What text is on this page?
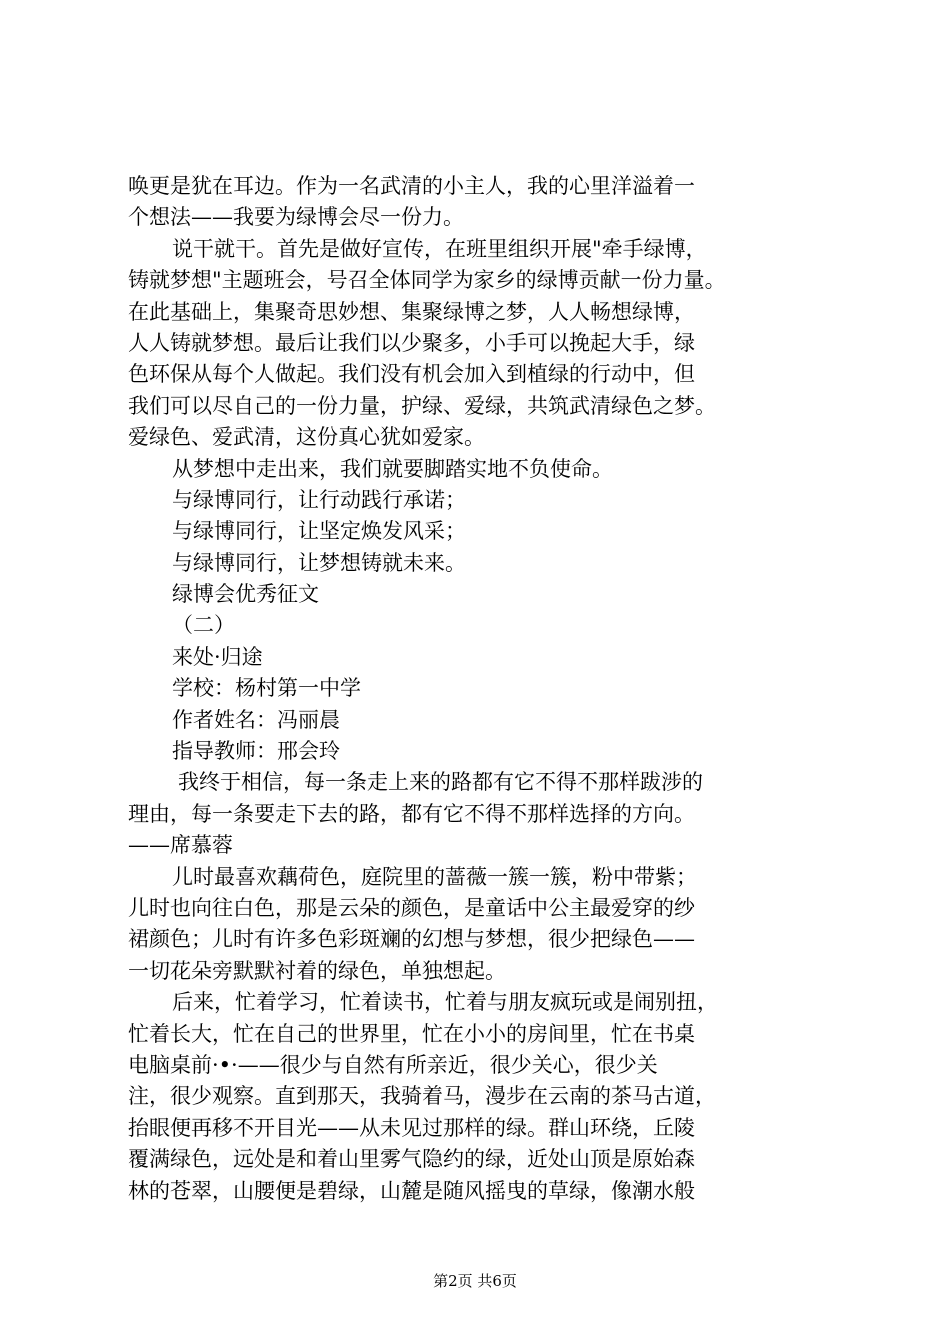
唤更是犹在耳边。作为一名武清的小主人，我的心里洋溢着一
个想法——我要为绿博会尽一份力。
说干就干。首先是做好宣传，在班里组织开展"牵手绿博，
铸就梦想"主题班会，号召全体同学为家乡的绿博贡献一份力量。
在此基础上，集聚奇思妙想、集聚绿博之梦，人人畅想绿博，
人人铸就梦想。最后让我们以少聚多，小手可以挽起大手，绿
色环保从每个人做起。我们没有机会加入到植绿的行动中，但
我们可以尽自己的一份力量，护绿、爱绿，共筑武清绿色之梦。
爱绿色、爱武清，这份真心犹如爱家。
从梦想中走出来，我们就要脚踏实地不负使命。
与绿博同行，让行动践行承诺；
与绿博同行，让坚定焕发风采；
与绿博同行，让梦想铸就未来。
绿博会优秀征文
（二）
来处·归途
学校：杨村第一中学
作者姓名：冯丽晨
指导教师：邢会玲
我终于相信，每一条走上来的路都有它不得不那样跋涉的
理由，每一条要走下去的路，都有它不得不那样选择的方向。
——席慕蓉
儿时最喜欢藕荷色，庭院里的蔷薇一簇一簇，粉中带紫；
儿时也向往白色，那是云朵的颜色，是童话中公主最爱穿的纱
裙颜色；儿时有许多色彩斑斓的幻想与梦想，很少把绿色——
一切花朵旁默默衬着的绿色，单独想起。
后来，忙着学习，忙着读书，忙着与朋友疯玩或是闹别扭，
忙着长大，忙在自己的世界里，忙在小小的房间里，忙在书桌
电脑桌前·•·——很少与自然有所亲近，很少关心，很少关
注，很少观察。直到那天，我骑着马，漫步在云南的茶马古道，
抬眼便再移不开目光——从未见过那样的绿。群山环绕，丘陵
覆满绿色，远处是和着山里雾气隐约的绿，近处山顶是原始森
林的苍翠，山腰便是碧绿，山麓是随风摇曳的草绿，像潮水般
第2页 共6页
